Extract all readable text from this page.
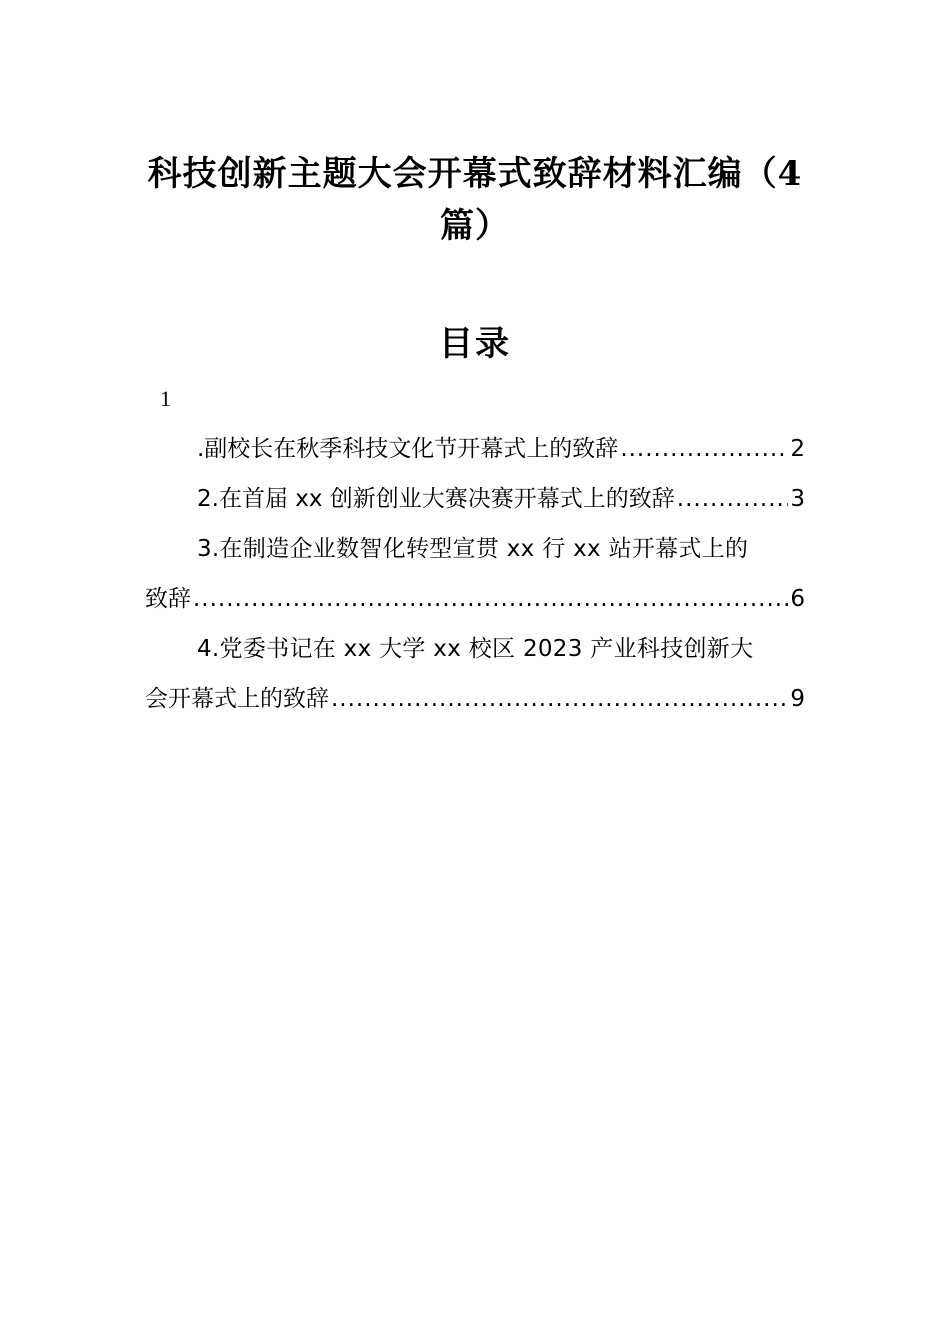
科技创新主题大会开幕式致辞材料汇编（4
篇）
目录
1
.副校长在秋季科技文化节开幕式上的致辞 .....	2
2.在首届 xx 创新创业大赛决赛开幕式上的致辞 .....	3
3.在制造企业数智化转型宣贯 xx 行 xx 站开幕式上的
致辞 .....	6
4.党委书记在 xx 大学 xx 校区 2023 产业科技创新大
会开幕式上的致辞 .....	9
